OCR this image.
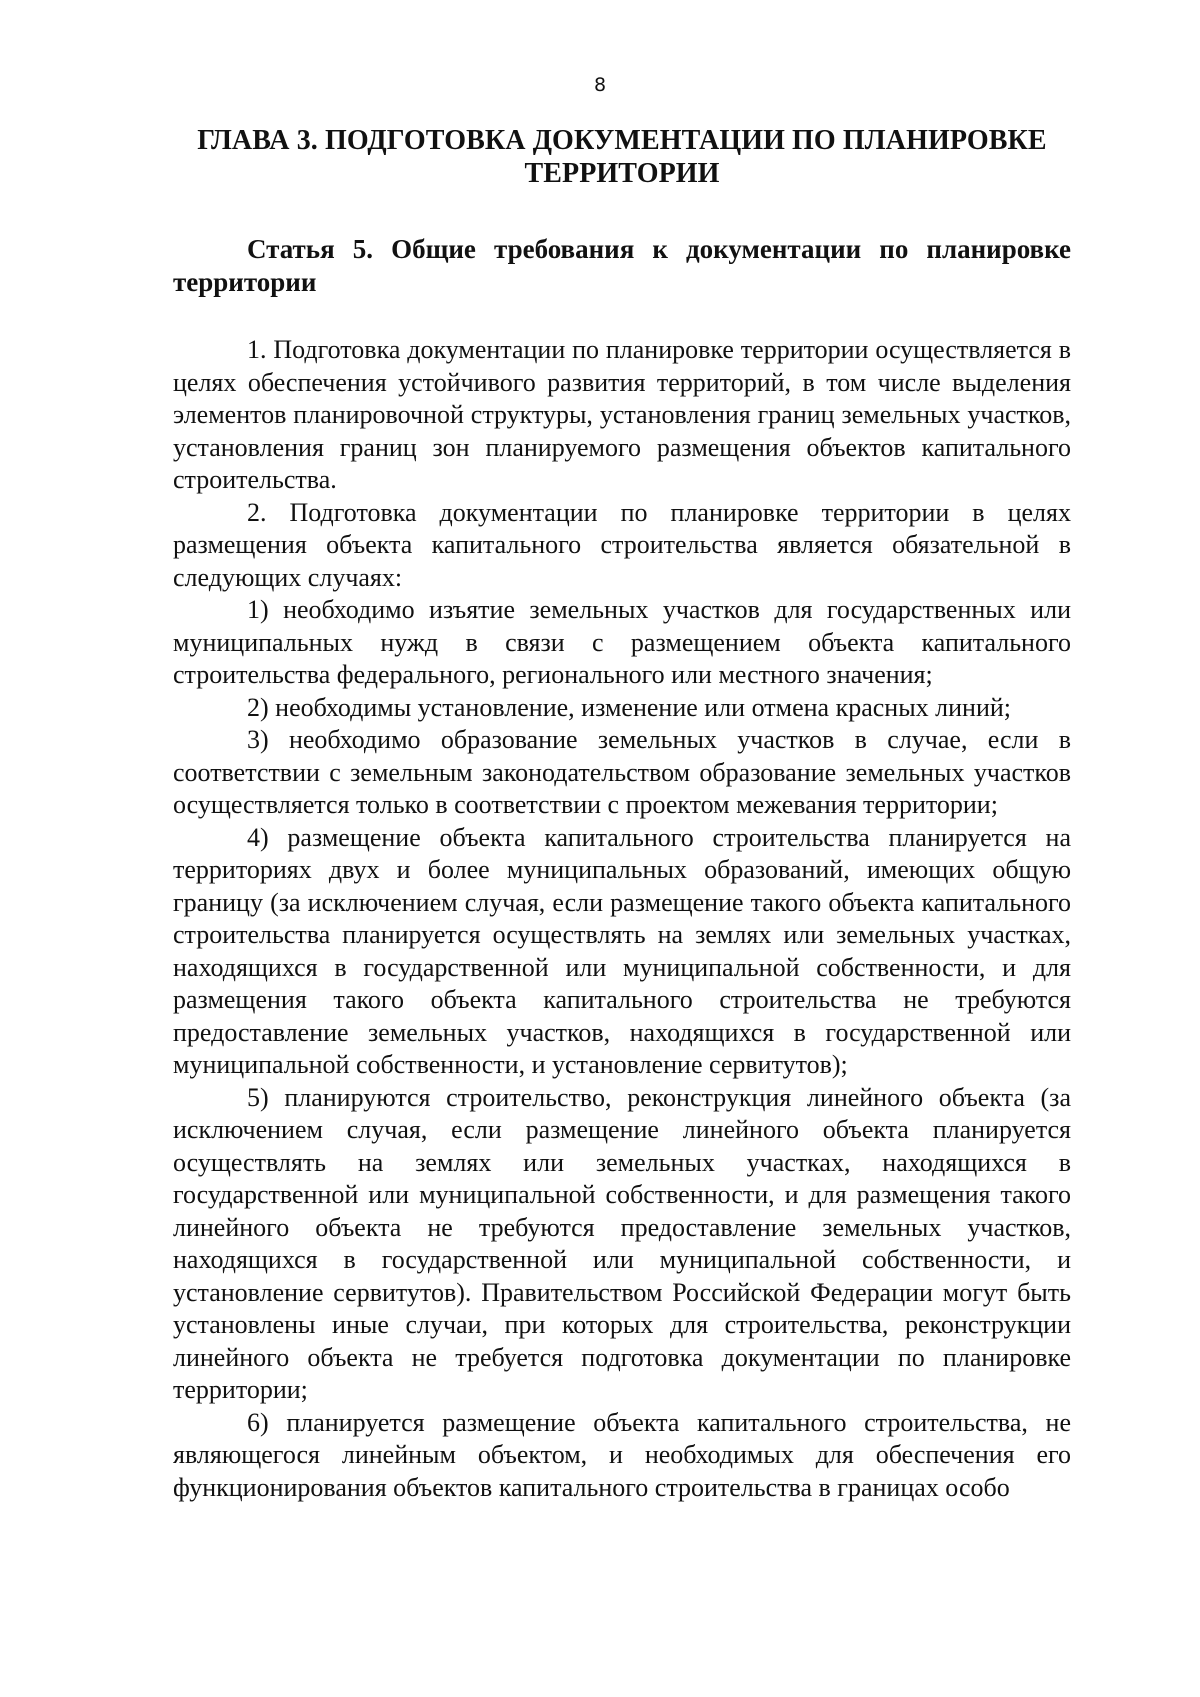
8
ГЛАВА 3. ПОДГОТОВКА ДОКУМЕНТАЦИИ ПО ПЛАНИРОВКЕ ТЕРРИТОРИИ
Статья 5. Общие требования к документации по планировке территории

1. Подготовка документации по планировке территории осуществляется в целях обеспечения устойчивого развития территорий, в том числе выделения элементов планировочной структуры, установления границ земельных участков, установления границ зон планируемого размещения объектов капитального строительства.

2. Подготовка документации по планировке территории в целях размещения объекта капитального строительства является обязательной в следующих случаях:

1) необходимо изъятие земельных участков для государственных или муниципальных нужд в связи с размещением объекта капитального строительства федерального, регионального или местного значения;

2) необходимы установление, изменение или отмена красных линий;

3) необходимо образование земельных участков в случае, если в соответствии с земельным законодательством образование земельных участков осуществляется только в соответствии с проектом межевания территории;

4) размещение объекта капитального строительства планируется на территориях двух и более муниципальных образований, имеющих общую границу (за исключением случая, если размещение такого объекта капитального строительства планируется осуществлять на землях или земельных участках, находящихся в государственной или муниципальной собственности, и для размещения такого объекта капитального строительства не требуются предоставление земельных участков, находящихся в государственной или муниципальной собственности, и установление сервитутов);

5) планируются строительство, реконструкция линейного объекта (за исключением случая, если размещение линейного объекта планируется осуществлять на землях или земельных участках, находящихся в государственной или муниципальной собственности, и для размещения такого линейного объекта не требуются предоставление земельных участков, находящихся в государственной или муниципальной собственности, и установление сервитутов). Правительством Российской Федерации могут быть установлены иные случаи, при которых для строительства, реконструкции линейного объекта не требуется подготовка документации по планировке территории;

6) планируется размещение объекта капитального строительства, не являющегося линейным объектом, и необходимых для обеспечения его функционирования объектов капитального строительства в границах особо
